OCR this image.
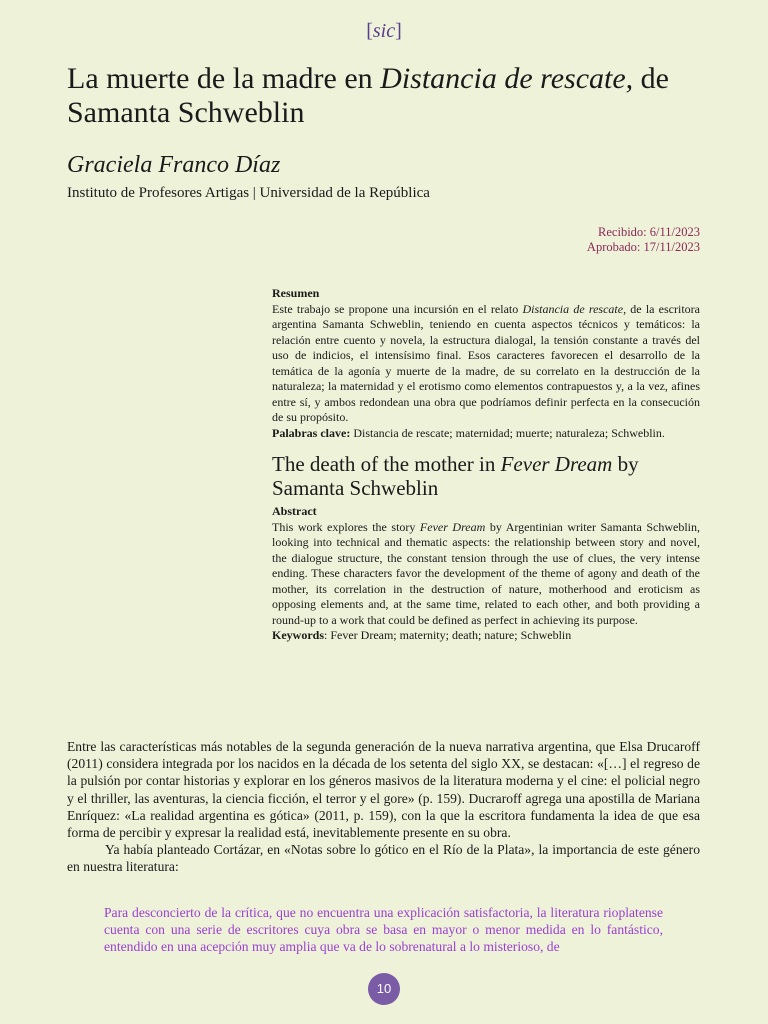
[sic]
La muerte de la madre en Distancia de rescate, de Samanta Schweblin
Graciela Franco Díaz
Instituto de Profesores Artigas | Universidad de la República
Recibido: 6/11/2023
Aprobado: 17/11/2023
Resumen
Este trabajo se propone una incursión en el relato Distancia de rescate, de la escritora argentina Samanta Schweblin, teniendo en cuenta aspectos técnicos y temáticos: la relación entre cuento y novela, la estructura dialogal, la tensión constante a través del uso de indicios, el intensísimo final. Esos caracteres favorecen el desarrollo de la temática de la agonía y muerte de la madre, de su correlato en la destrucción de la naturaleza; la maternidad y el erotismo como elementos contrapuestos y, a la vez, afines entre sí, y ambos redondean una obra que podríamos definir perfecta en la consecución de su propósito.
Palabras clave: Distancia de rescate; maternidad; muerte; naturaleza; Schweblin.
The death of the mother in Fever Dream by Samanta Schweblin
Abstract
This work explores the story Fever Dream by Argentinian writer Samanta Schweblin, looking into technical and thematic aspects: the relationship between story and novel, the dialogue structure, the constant tension through the use of clues, the very intense ending. These characters favor the development of the theme of agony and death of the mother, its correlation in the destruction of nature, motherhood and eroticism as opposing elements and, at the same time, related to each other, and both providing a round-up to a work that could be defined as perfect in achieving its purpose.
Keywords: Fever Dream; maternity; death; nature; Schweblin

Entre las características más notables de la segunda generación de la nueva narrativa argentina, que Elsa Drucaroff (2011) considera integrada por los nacidos en la década de los setenta del siglo XX, se destacan: «[…] el regreso de la pulsión por contar historias y explorar en los géneros masivos de la literatura moderna y el cine: el policial negro y el thriller, las aventuras, la ciencia ficción, el terror y el gore» (p. 159). Ducraroff agrega una apostilla de Mariana Enríquez: «La realidad argentina es gótica» (2011, p. 159), con la que la escritora fundamenta la idea de que esa forma de percibir y expresar la realidad está, inevitablemente presente en su obra.

Ya había planteado Cortázar, en «Notas sobre lo gótico en el Río de la Plata», la importancia de este género en nuestra literatura:

Para desconcierto de la crítica, que no encuentra una explicación satisfactoria, la literatura rioplatense cuenta con una serie de escritores cuya obra se basa en mayor o menor medida en lo fantástico, entendido en una acepción muy amplia que va de lo sobrenatural a lo misterioso, de
10
